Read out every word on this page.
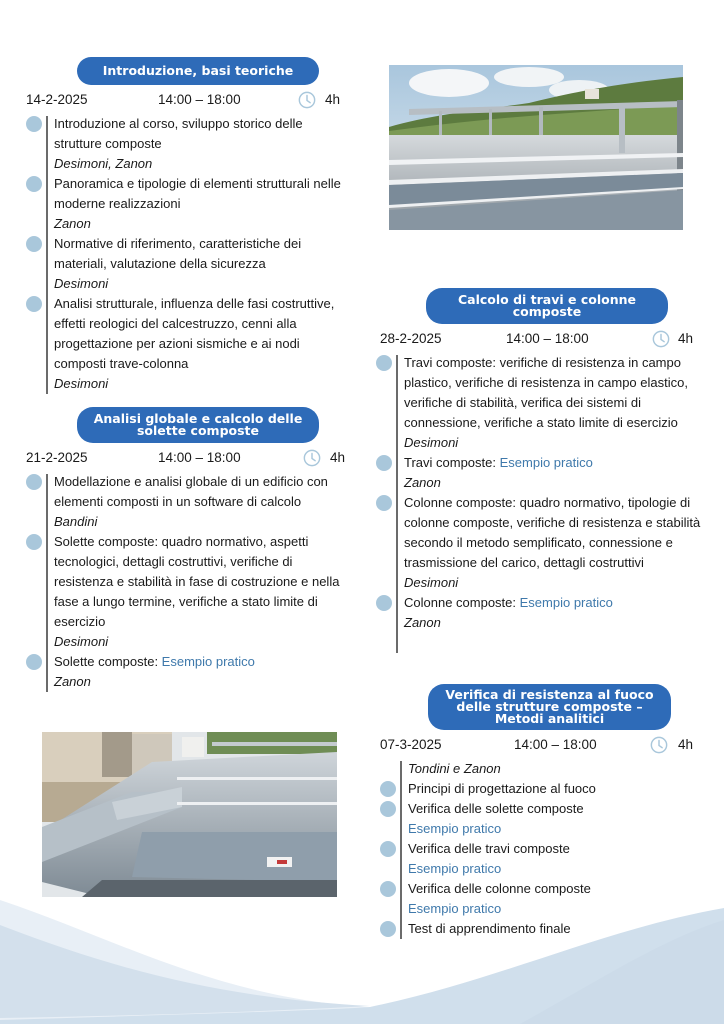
Introduzione, basi teoriche
14-2-2025	14:00 – 18:00	4h
Introduzione al corso, sviluppo storico delle strutture composte
Desimoni, Zanon
Panoramica e tipologie di elementi strutturali nelle moderne realizzazioni
Zanon
Normative di riferimento, caratteristiche dei materiali, valutazione della sicurezza
Desimoni
Analisi strutturale, influenza delle fasi costruttive, effetti reologici del calcestruzzo, cenni alla progettazione per azioni sismiche e ai nodi composti trave-colonna
Desimoni
Analisi globale e calcolo delle solette composte
21-2-2025	14:00 – 18:00	4h
Modellazione e analisi globale di un edificio con elementi composti in un software di calcolo
Bandini
Solette composte: quadro normativo, aspetti tecnologici, dettagli costruttivi, verifiche di resistenza e stabilità in fase di costruzione e nella fase a lungo termine, verifiche a stato limite di esercizio
Desimoni
Solette composte: Esempio pratico
Zanon
Calcolo di travi e colonne composte
28-2-2025	14:00 – 18:00	4h
Travi composte: verifiche di resistenza in campo plastico, verifiche di resistenza in campo elastico, verifiche di stabilità, verifica dei sistemi di connessione, verifiche a stato limite di esercizio
Desimoni
Travi composte: Esempio pratico
Zanon
Colonne composte: quadro normativo, tipologie di colonne composte, verifiche di resistenza e stabilità secondo il metodo semplificato, connessione e trasmissione del carico, dettagli costruttivi
Desimoni
Colonne composte: Esempio pratico
Zanon
Verifica di resistenza al fuoco delle strutture composte – Metodi analitici
07-3-2025	14:00 – 18:00	4h
Tondini e Zanon
Principi di progettazione al fuoco
Verifica delle solette composte
Esempio pratico
Verifica delle travi composte
Esempio pratico
Verifica delle colonne composte
Esempio pratico
Test di apprendimento finale
